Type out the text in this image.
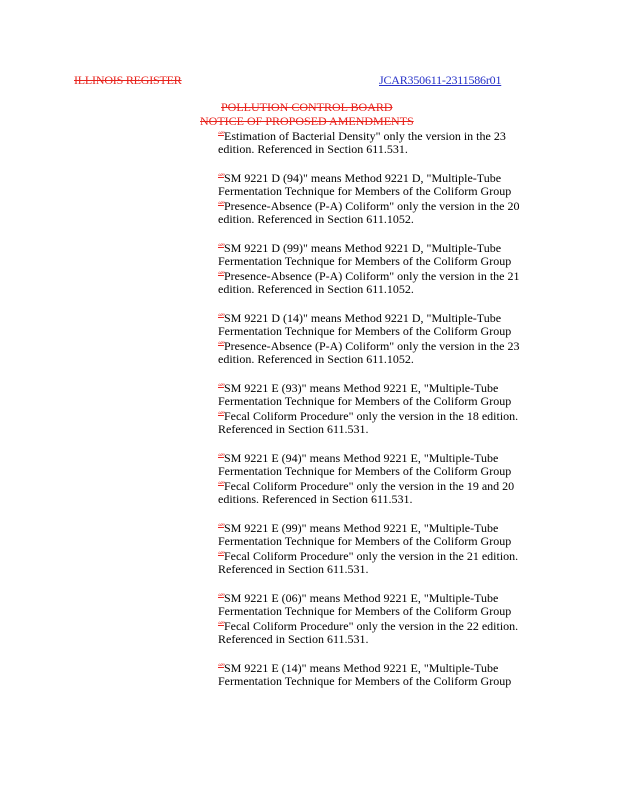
ILLINOIS REGISTER	JCAR350611-2311586r01
POLLUTION CONTROL BOARD
NOTICE OF PROPOSED AMENDMENTS
“”Estimation of Bacterial Density" only the version in the 23
edition. Referenced in Section 611.531.
“”SM 9221 D (94)" means Method 9221 D, "Multiple-Tube
Fermentation Technique for Members of the Coliform Group
“”Presence-Absence (P-A) Coliform" only the version in the 20
edition. Referenced in Section 611.1052.
“”SM 9221 D (99)" means Method 9221 D, "Multiple-Tube
Fermentation Technique for Members of the Coliform Group
“”Presence-Absence (P-A) Coliform" only the version in the 21
edition. Referenced in Section 611.1052.
“”SM 9221 D (14)" means Method 9221 D, "Multiple-Tube
Fermentation Technique for Members of the Coliform Group
“”Presence-Absence (P-A) Coliform" only the version in the 23
edition. Referenced in Section 611.1052.
“”SM 9221 E (93)" means Method 9221 E, "Multiple-Tube
Fermentation Technique for Members of the Coliform Group
“”Fecal Coliform Procedure" only the version in the 18 edition.
Referenced in Section 611.531.
“”SM 9221 E (94)" means Method 9221 E, "Multiple-Tube
Fermentation Technique for Members of the Coliform Group
“”Fecal Coliform Procedure" only the version in the 19 and 20
editions. Referenced in Section 611.531.
“”SM 9221 E (99)" means Method 9221 E, "Multiple-Tube
Fermentation Technique for Members of the Coliform Group
“”Fecal Coliform Procedure" only the version in the 21 edition.
Referenced in Section 611.531.
“”SM 9221 E (06)" means Method 9221 E, "Multiple-Tube
Fermentation Technique for Members of the Coliform Group
“”Fecal Coliform Procedure" only the version in the 22 edition.
Referenced in Section 611.531.
“”SM 9221 E (14)" means Method 9221 E, "Multiple-Tube
Fermentation Technique for Members of the Coliform Group
